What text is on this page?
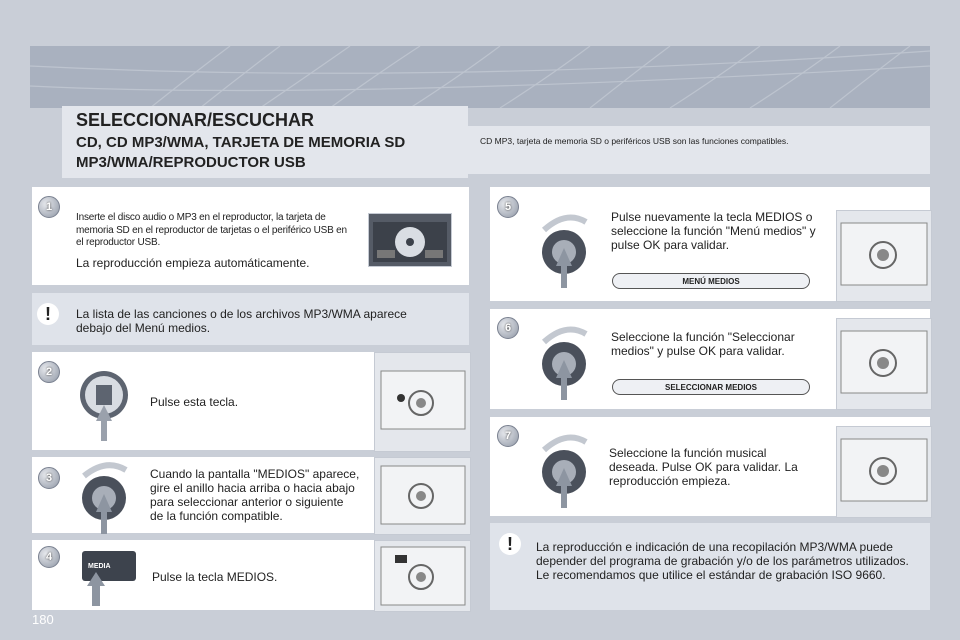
SELECCIONAR/ESCUCHAR
CD, CD MP3/WMA, TARJETA DE MEMORIA SD MP3/WMA/REPRODUCTOR USB
CD MP3, tarjeta de memoria SD o periféricos USB son las funciones compatibles.
1
Inserte el disco audio o MP3 en el reproductor, la tarjeta de memoria SD en el reproductor de tarjetas o el periférico USB en el reproductor USB.
La reproducción empieza automáticamente.
!	La lista de las canciones o de los archivos MP3/WMA aparece debajo del Menú medios.
2
Pulse esta tecla.
3	Cuando la pantalla "MEDIOS" aparece, gire el anillo hacia arriba o hacia abajo para seleccionar anterior o siguiente de la función compatible.
4
MEDIA
Pulse la tecla MEDIOS.
5
Pulse nuevamente la tecla MEDIOS o seleccione la función "Menú medios" y pulse OK para validar.
MENÚ MEDIOS
6
Seleccione la función "Seleccionar medios" y pulse OK para validar.
SELECCIONAR MEDIOS
7
Seleccione la función musical deseada. Pulse OK para validar. La reproducción empieza.
!	La reproducción e indicación de una recopilación MP3/WMA puede depender del programa de grabación y/o de los parámetros utilizados. Le recomendamos que utilice el estándar de grabación ISO 9660.
180
